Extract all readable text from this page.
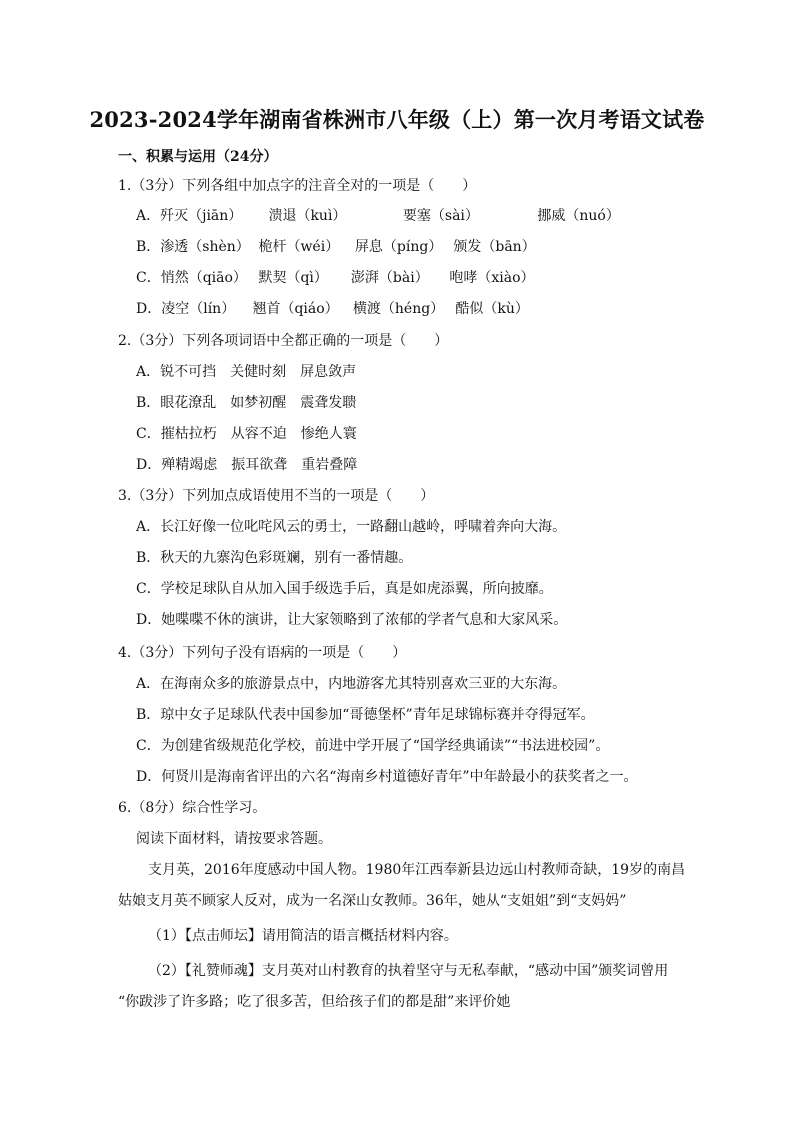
2023-2024学年湖南省株洲市八年级（上）第一次月考语文试卷
一、积累与运用（24分）
1.（3分）下列各组中加点字的注音全对的一项是（　　）
A．歼灭（jiān） 溃退（kuì）	要塞（sài）	挪威（nuó）
B．渗透（shèn） 桅杆（wéi） 屏息（píng） 颁发（bān）
C．悄然（qiāo） 默契（qì） 澎湃（bài） 咆哮（xiào）
D．凌空（lín） 翘首（qiáo） 横渡（héng） 酷似（kù）
2.（3分）下列各项词语中全都正确的一项是（　　）
A．锐不可挡　关健时刻　屏息敛声
B．眼花潦乱　如梦初醒　震聋发聩
C．摧枯拉朽　从容不迫　惨绝人寰
D．殚精竭虑　振耳欲聋　重岩叠障
3.（3分）下列加点成语使用不当的一项是（　　）
A．长江好像一位叱咤风云的勇士，一路翻山越岭，呼啸着奔向大海。
B．秋天的九寨沟色彩斑斓，别有一番情趣。
C．学校足球队自从加入国手级选手后，真是如虎添翼，所向披靡。
D．她喋喋不休的演讲，让大家领略到了浓郁的学者气息和大家风采。
4.（3分）下列句子没有语病的一项是（　　）
A．在海南众多的旅游景点中，内地游客尤其特别喜欢三亚的大东海。
B．琼中女子足球队代表中国参加“哥德堡杯”青年足球锦标赛并夺得冠军。
C．为创建省级规范化学校，前进中学开展了“国学经典诵读”“书法进校园”。
D．何贤川是海南省评出的六名“海南乡村道德好青年”中年龄最小的获奖者之一。
6.（8分）综合性学习。
阅读下面材料，请按要求答题。
支月英，2016年度感动中国人物。1980年江西奉新县边远山村教师奇缺，19岁的南昌
姑娘支月英不顾家人反对，成为一名深山女教师。36年，她从“支姐姐”到“支妈妈”
（1）【点击师坛】请用简洁的语言概括材料内容。
（2）【礼赞师魂】支月英对山村教育的执着坚守与无私奉献，“感动中国”颁奖词曾用
“你跋涉了许多路；吃了很多苦，但给孩子们的都是甜”来评价她
